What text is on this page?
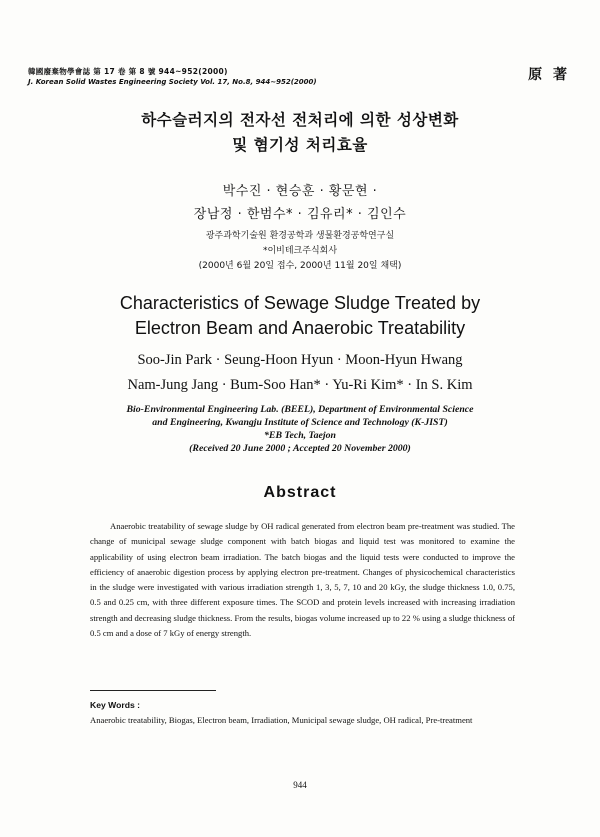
韓國廢棄物學會誌 第 17 卷 第 8 號 944~952(2000)
J. Korean Solid Wastes Engineering Society Vol. 17, No.8, 944~952(2000)	原 著
하수슬러지의 전자선 전처리에 의한 성상변화
및 혐기성 처리효율
박수진 · 현승훈 · 황문현 ·
장남정 · 한범수* · 김유리* · 김인수
광주과학기술원 환경공학과 생물환경공학연구실
*이비테크주식회사
(2000년 6월 20일 접수, 2000년 11월 20일 채택)
Characteristics of Sewage Sludge Treated by
Electron Beam and Anaerobic Treatability
Soo-Jin Park · Seung-Hoon Hyun · Moon-Hyun Hwang
Nam-Jung Jang · Bum-Soo Han* · Yu-Ri Kim* · In S. Kim
Bio-Environmental Engineering Lab. (BEEL), Department of Environmental Science
and Engineering, Kwangju Institute of Science and Technology (K-JIST)
*EB Tech, Taejon
(Received 20 June 2000 ; Accepted 20 November 2000)
Abstract
Anaerobic treatability of sewage sludge by OH radical generated from electron beam pre-treatment was studied. The change of municipal sewage sludge component with batch biogas and liquid test was monitored to examine the applicability of using electron beam irradiation. The batch biogas and the liquid tests were conducted to improve the efficiency of anaerobic digestion process by applying electron pre-treatment. Changes of physicochemical characteristics in the sludge were investigated with various irradiation strength 1, 3, 5, 7, 10 and 20 kGy, the sludge thickness 1.0, 0.75, 0.5 and 0.25 cm, with three different exposure times. The SCOD and protein levels increased with increasing irradiation strength and decreasing sludge thickness. From the results, biogas volume increased up to 22 % using a sludge thickness of 0.5 cm and a dose of 7 kGy of energy strength.
Key Words :Anaerobic treatability, Biogas, Electron beam, Irradiation, Municipal sewage sludge, OH radical, Pre-treatment
944
